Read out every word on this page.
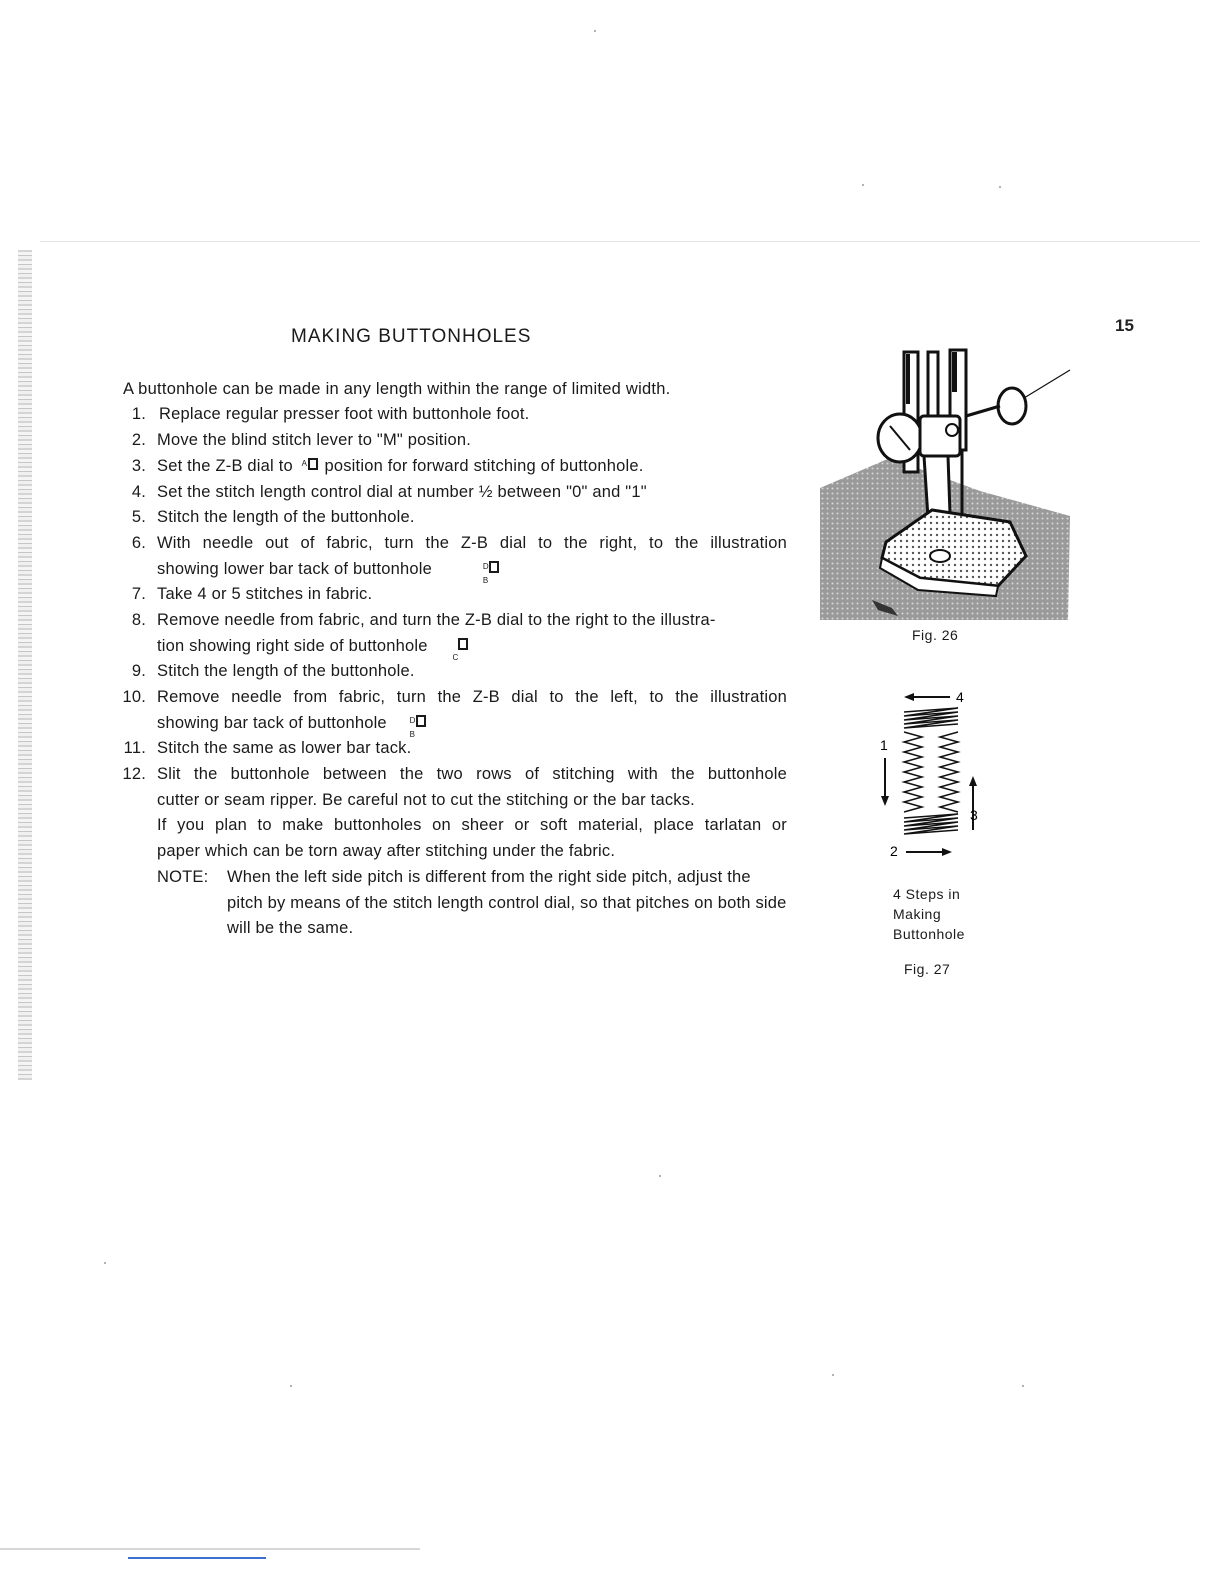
15
MAKING BUTTONHOLES
A buttonhole can be made in any length within the range of limited width.
1. Replace regular presser foot with buttonhole foot.
2. Move the blind stitch lever to "M" position.
3. Set the Z-B dial to A position for forward stitching of buttonhole.
4. Set the stitch length control dial at number ½ between "0" and "1"
5. Stitch the length of the buttonhole.
6. With needle out of fabric, turn the Z-B dial to the right, to the illustration
showing lower bar tack of buttonhole	D
B
7. Take 4 or 5 stitches in fabric.
8. Remove needle from fabric, and turn the Z-B dial to the right to the illustra-
tion showing right side of buttonhole
C
9. Stitch the length of the buttonhole.
10. Remove needle from fabric, turn the Z-B dial to the left, to the illustration
showing bar tack of buttonhole	D
B
11. Stitch the same as lower bar tack.
12. Slit the buttonhole between the two rows of stitching with the buttonhole
cutter or seam ripper. Be careful not to cut the stitching or the bar tacks.
If you plan to make buttonholes on sheer or soft material, place tarlatan or
paper which can be torn away after stitching under the fabric.
NOTE: When the left side pitch is different from the right side pitch, adjust the pitch by means of the stitch length control dial, so that pitches on both side will be the same.
Fig. 26
4
1
3
2
4 Steps in
Making
Buttonhole
Fig. 27
